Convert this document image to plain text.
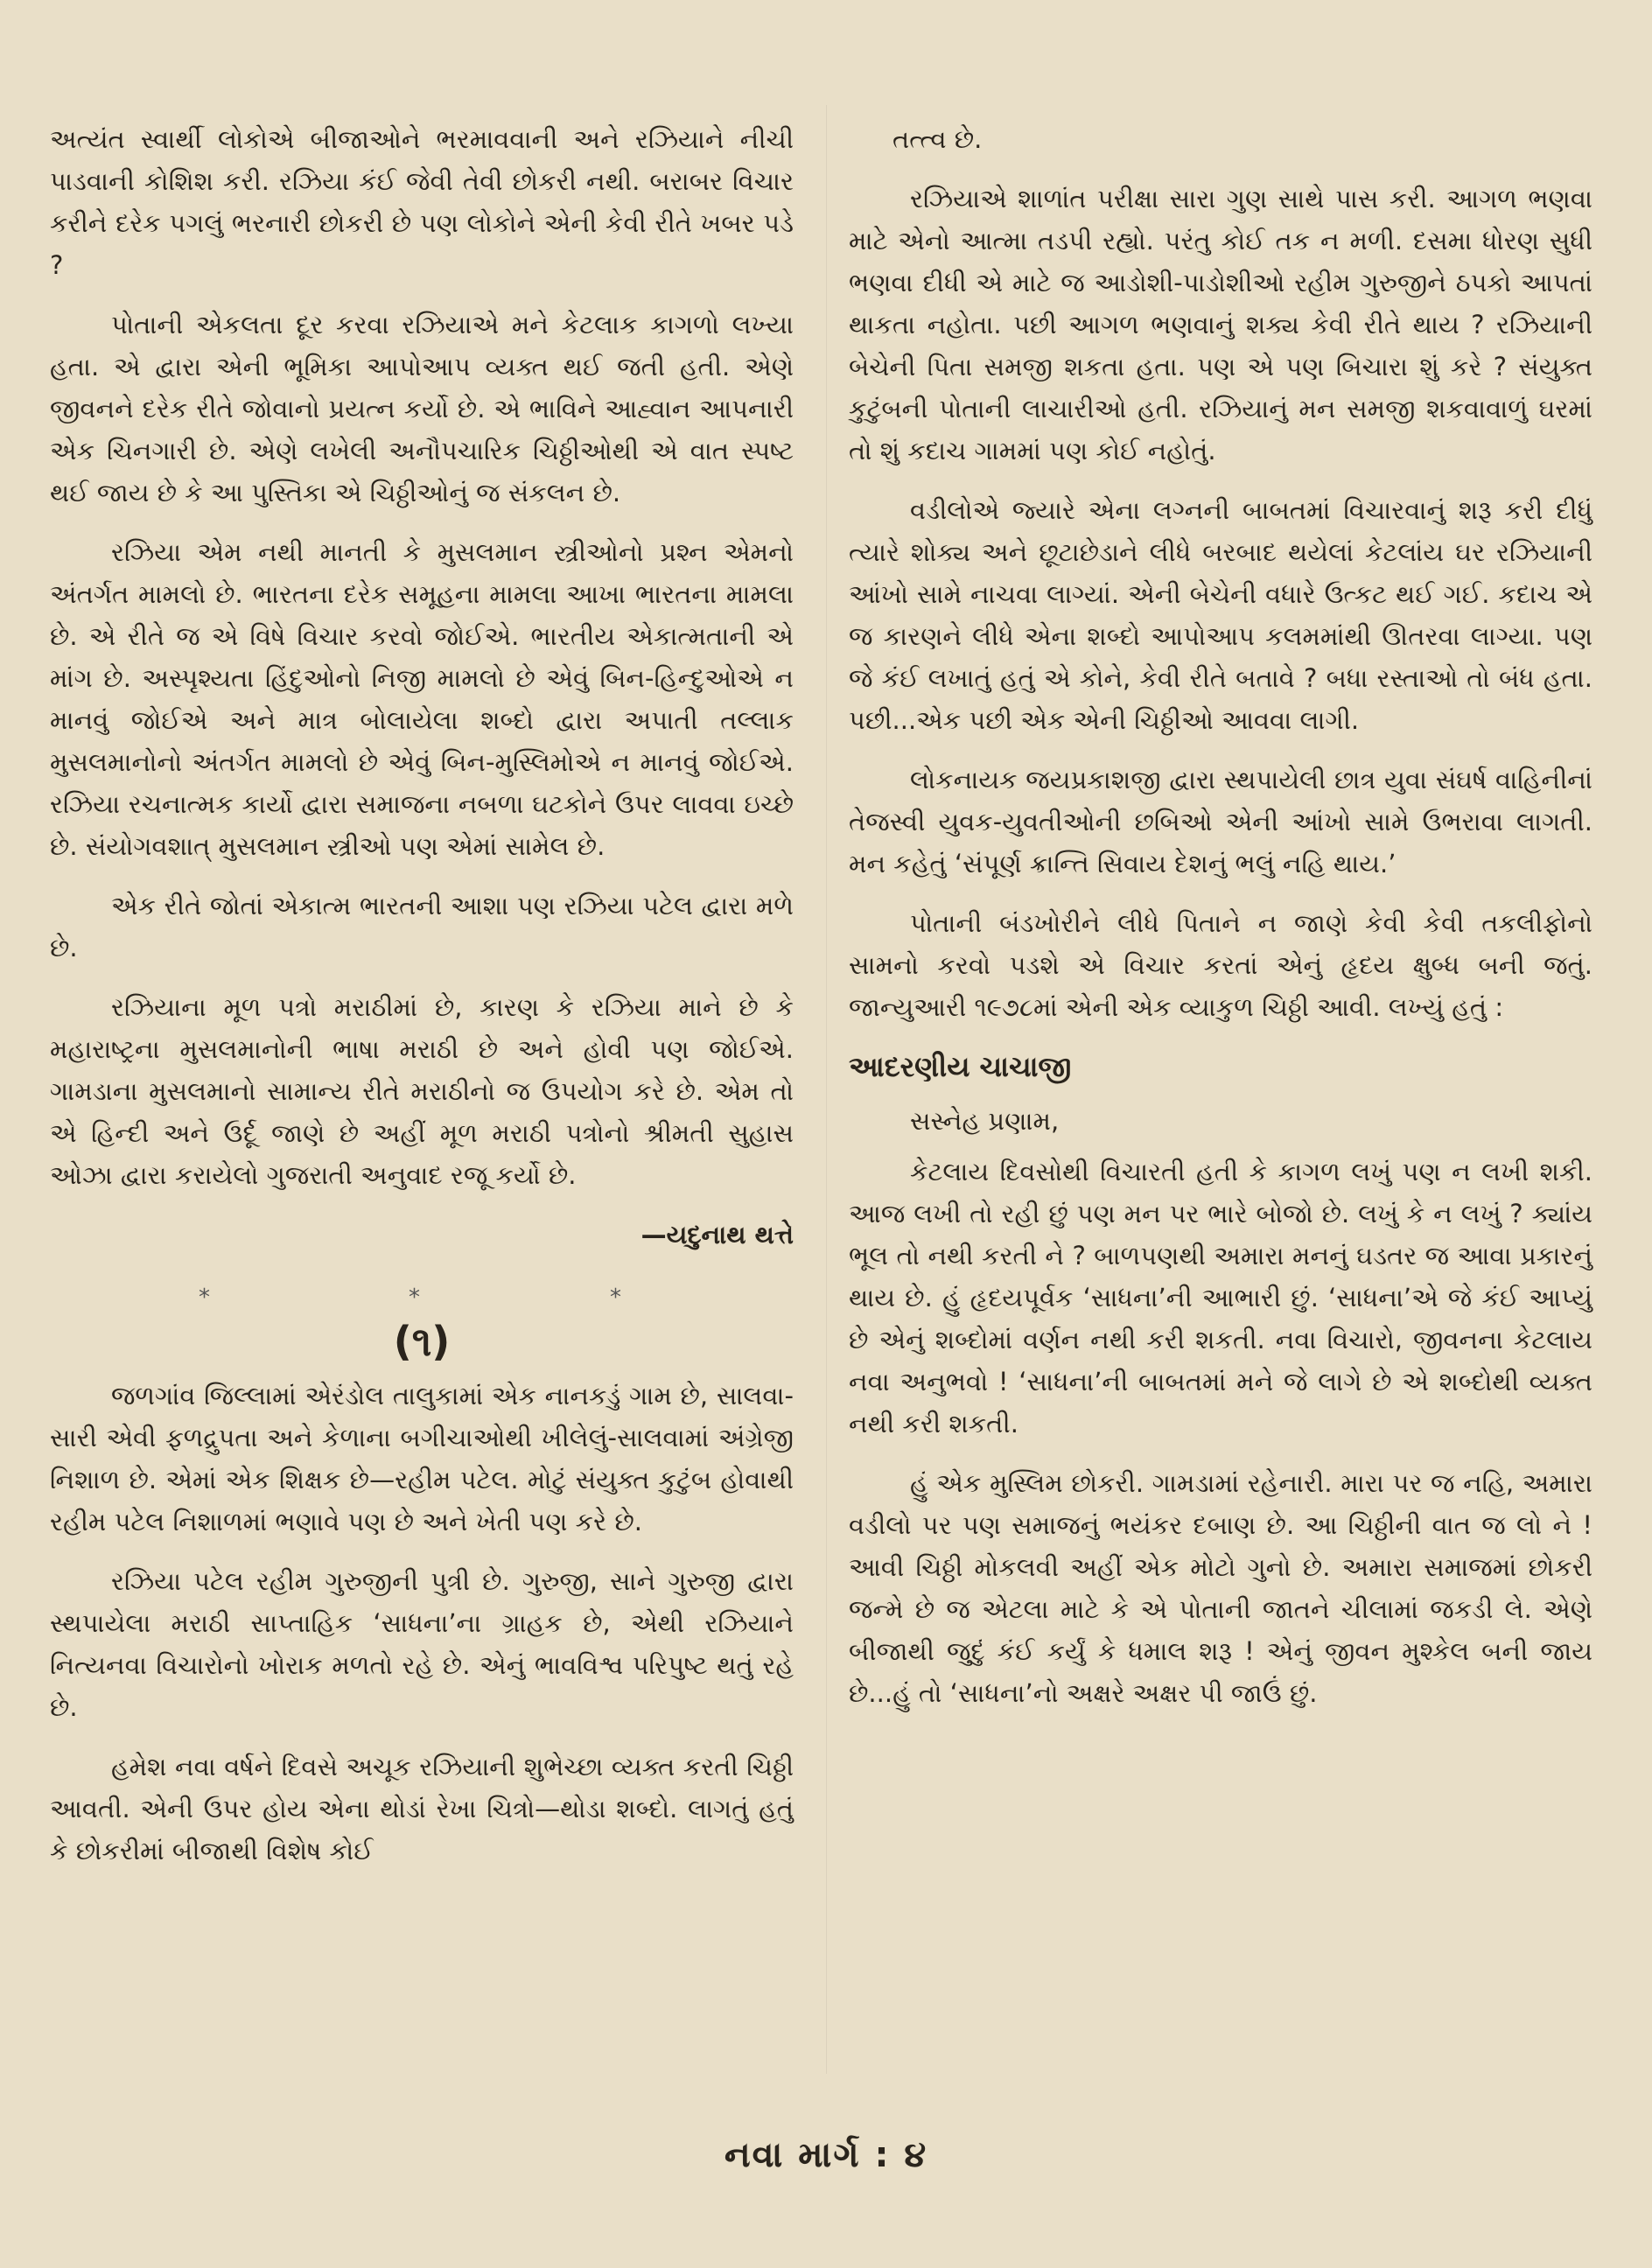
અત્યંત સ્વાર્થી લોકોએ બીજાઓને ભરમાવવાની અને રઝિયાને નીચી પાડવાની કોશિશ કરી. રઝિયા કંઈ જેવી તેવી છોકરી નથી. બરાબર વિચાર કરીને દરેક પગલું ભરનારી છોકરી છે પણ લોકોને એની કેવી રીતે ખબર પડે ?

પોતાની એકલતા દૂર કરવા રઝિયાએ મને કેટલાક કાગળો લખ્યા હતા. એ દ્વારા એની ભૂમિકા આપોઆપ વ્યક્ત થઈ જતી હતી. એણે જીવનને દરેક રીતે જોવાનો પ્રયત્ન કર્યો છે. એ ભાવિને આહ્વાન આપનારી એક ચિનગારી છે. એણે લખેલી અનૌપચારિક ચિઠ્ઠીઓથી એ વાત સ્પષ્ટ થઈ જાય છે કે આ પુસ્તિકા એ ચિઠ્ઠીઓનું જ સંકલન છે.

રઝિયા એમ નથી માનતી કે મુસલમાન સ્ત્રીઓનો પ્રશ્ન એમનો અંતર્ગત મામલો છે. ભારતના દરેક સમૂહના મામલા આખા ભારતના મામલા છે. એ રીતે જ એ વિષે વિચાર કરવો જોઈએ. ભારતીય એકાત્મતાની એ માંગ છે. અસ્પૃશ્યતા હિંદુઓનો નિજી મામલો છે એવું બિન-હિન્દુઓએ ન માનવું જોઈએ અને માત્ર બોલાયેલા શબ્દો દ્વારા અપાતી તલ્લાક મુસલમાનોનો અંતર્ગત મામલો છે એવું બિન-મુસ્લિમોએ ન માનવું જોઈએ. રઝિયા રચનાત્મક કાર્યો દ્વારા સમાજના નબળા ઘટકોને ઉપર લાવવા ઇચ્છે છે. સંયોગવશાત્ મુસલમાન સ્ત્રીઓ પણ એમાં સામેલ છે.

એક રીતે જોતાં એકાત્મ ભારતની આશા પણ રઝિયા પટેલ દ્વારા મળે છે.

રઝિયાના મૂળ પત્રો મરાઠીમાં છે, કારણ કે રઝિયા માને છે કે મહારાષ્ટ્રના મુસલમાનોની ભાષા મરાઠી છે અને હોવી પણ જોઈએ. ગામડાના મુસલમાનો સામાન્ય રીતે મરાઠીનો જ ઉપયોગ કરે છે. એમ તો એ હિન્દી અને ઉર્દૂ જાણે છે અહીં મૂળ મરાઠી પત્રોનો શ્રીમતી સુહાસ ઓઝા દ્વારા કરાયેલો ગુજરાતી અનુવાદ રજૂ કર્યો છે.

—યદુનાથ થત્તે
*	*	*
(૧)

જળગાંવ જિલ્લામાં એરંડોલ તાલુકામાં એક નાનકડું ગામ છે, સાલવા-સારી એવી ફળદ્રુપતા અને કેળાના બગીચાઓથી ખીલેલું-સાલવામાં અંગ્રેજી નિશાળ છે. એમાં એક શિક્ષક છે—રહીમ પટેલ. મોટું સંયુક્ત કુટુંબ હોવાથી રહીમ પટેલ નિશાળમાં ભણાવે પણ છે અને ખેતી પણ કરે છે.

રઝિયા પટેલ રહીમ ગુરુજીની પુત્રી છે. ગુરુજી, સાને ગુરુજી દ્વારા સ્થપાયેલા મરાઠી સાપ્તાહિક ‘સાધના’ના ગ્રાહક છે, એથી રઝિયાને નિત્યનવા વિચારોનો ખોરાક મળતો રહે છે. એનું ભાવવિશ્વ પરિપુષ્ટ થતું રહે છે.

હમેશ નવા વર્ષને દિવસે અચૂક રઝિયાની શુભેચ્છા વ્યક્ત કરતી ચિઠ્ઠી આવતી. એની ઉપર હોય એના થોડાં રેખા ચિત્રો—થોડા શબ્દો. લાગતું હતું કે છોકરીમાં બીજાથી વિશેષ કોઈ

તત્ત્વ છે.

રઝિયાએ શાળાંત પરીક્ષા સારા ગુણ સાથે પાસ કરી. આગળ ભણવા માટે એનો આત્મા તડપી રહ્યો. પરંતુ કોઈ તક ન મળી. દસમા ધોરણ સુધી ભણવા દીધી એ માટે જ આડોશી-પાડોશીઓ રહીમ ગુરુજીને ઠપકો આપતાં થાકતા નહોતા. પછી આગળ ભણવાનું શક્ય કેવી રીતે થાય ? રઝિયાની બેચેની પિતા સમજી શકતા હતા. પણ એ પણ બિચારા શું કરે ? સંયુક્ત કુટુંબની પોતાની લાચારીઓ હતી. રઝિયાનું મન સમજી શકવાવાળું ઘરમાં તો શું કદાચ ગામમાં પણ કોઈ નહોતું.

વડીલોએ જ્યારે એના લગ્નની બાબતમાં વિચારવાનું શરૂ કરી દીધું ત્યારે શોક્ય અને છૂટાછેડાને લીધે બરબાદ થયેલાં કેટલાંય ઘર રઝિયાની આંખો સામે નાચવા લાગ્યાં. એની બેચેની વધારે ઉત્કટ થઈ ગઈ. કદાચ એ જ કારણને લીધે એના શબ્દો આપોઆપ કલમમાંથી ઊતરવા લાગ્યા. પણ જે કંઈ લખાતું હતું એ કોને, કેવી રીતે બતાવે ? બધા રસ્તાઓ તો બંધ હતા. પછી...એક પછી એક એની ચિઠ્ઠીઓ આવવા લાગી.

લોકનાયક જયપ્રકાશજી દ્વારા સ્થપાયેલી છાત્ર યુવા સંઘર્ષ વાહિનીનાં તેજસ્વી યુવક-યુવતીઓની છબિઓ એની આંખો સામે ઉભરાવા લાગતી. મન કહેતું ‘સંપૂર્ણ ક્રાન્તિ સિવાય દેશનું ભલું નહિ થાય.’

પોતાની બંડખોરીને લીધે પિતાને ન જાણે કેવી કેવી તકલીફોનો સામનો કરવો પડશે એ વિચાર કરતાં એનું હૃદય ક્ષુબ્ધ બની જતું. જાન્યુઆરી ૧૯૭૮માં એની એક વ્યાકુળ ચિઠ્ઠી આવી. લખ્યું હતું :

આદરણીય ચાચાજી
સસ્નેહ પ્રણામ,

કેટલાય દિવસોથી વિચારતી હતી કે કાગળ લખું પણ ન લખી શકી. આજ લખી તો રહી છું પણ મન પર ભારે બોજો છે. લખું કે ન લખું ? ક્યાંય ભૂલ તો નથી કરતી ને ? બાળપણથી અમારા મનનું ઘડતર જ આવા પ્રકારનું થાય છે. હું હૃદયપૂર્વક ‘સાધના’ની આભારી છું. ‘સાધના’એ જે કંઈ આપ્યું છે એનું શબ્દોમાં વર્ણન નથી કરી શકતી. નવા વિચારો, જીવનના કેટલાય નવા અનુભવો ! ‘સાધના’ની બાબતમાં મને જે લાગે છે એ શબ્દોથી વ્યક્ત નથી કરી શકતી.

હું એક મુસ્લિમ છોકરી. ગામડામાં રહેનારી. મારા પર જ નહિ, અમારા વડીલો પર પણ સમાજનું ભયંકર દબાણ છે. આ ચિઠ્ઠીની વાત જ લો ને ! આવી ચિઠ્ઠી મોકલવી અહીં એક મોટો ગુનો છે. અમારા સમાજમાં છોકરી જન્મે છે જ એટલા માટે કે એ પોતાની જાતને ચીલામાં જકડી લે. એણે બીજાથી જુદું કંઈ કર્યું કે ધમાલ શરૂ ! એનું જીવન મુશ્કેલ બની જાય છે...હું તો ‘સાધના’નો અક્ષરે અક્ષર પી જાઉં છું.

નવા માર્ગ : ૪
